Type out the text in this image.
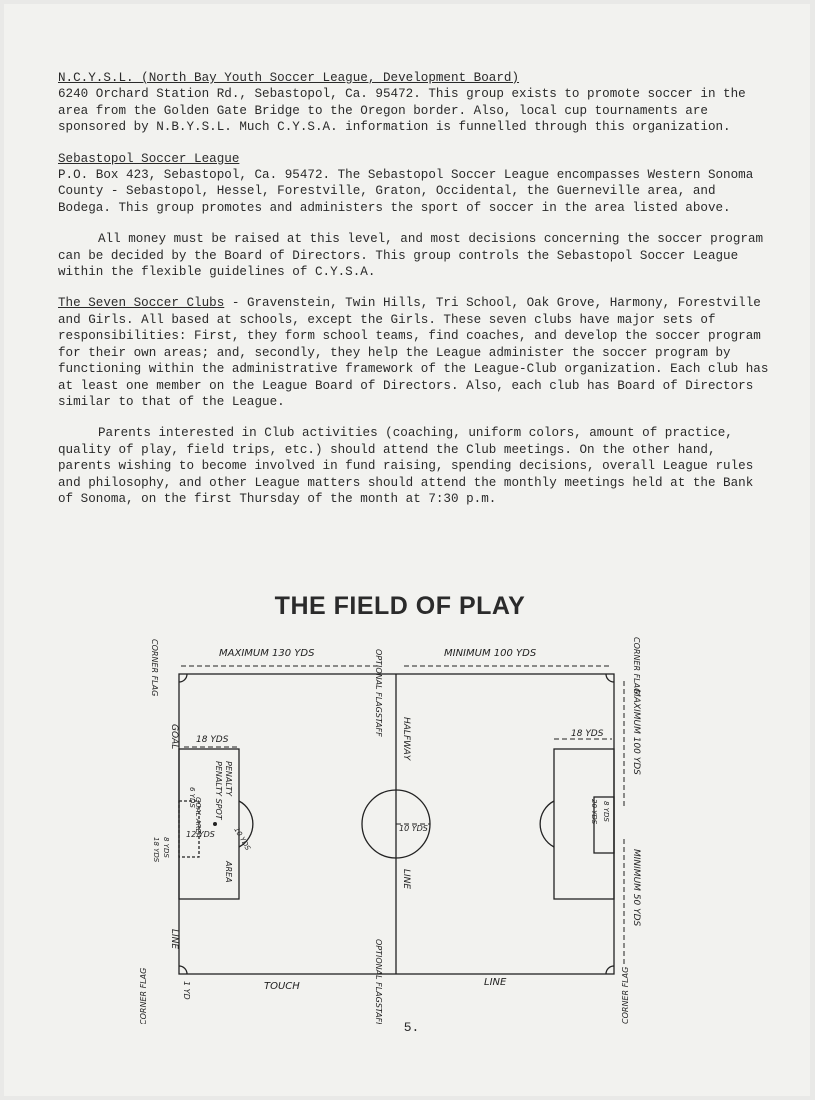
N.C.Y.S.L. (North Bay Youth Soccer League, Development Board)
6240 Orchard Station Rd., Sebastopol, Ca. 95472. This group exists to promote soccer in the area from the Golden Gate Bridge to the Oregon border. Also, local cup tournaments are sponsored by N.B.Y.S.L. Much C.Y.S.A. information is funnelled through this organization.

Sebastopol Soccer League
P.O. Box 423, Sebastopol, Ca. 95472. The Sebastopol Soccer League encompasses Western Sonoma County - Sebastopol, Hessel, Forestville, Graton, Occidental, the Guerneville area, and Bodega. This group promotes and administers the sport of soccer in the area listed above.

All money must be raised at this level, and most decisions concerning the soccer program can be decided by the Board of Directors. This group controls the Sebastopol Soccer League within the flexible guidelines of C.Y.S.A.

The Seven Soccer Clubs - Gravenstein, Twin Hills, Tri School, Oak Grove, Harmony, Forestville and Girls. All based at schools, except the Girls. These seven clubs have major sets of responsibilities: First, they form school teams, find coaches, and develop the soccer program for their own areas; and, secondly, they help the League administer the soccer program by functioning within the administrative framework of the League-Club organization. Each club has at least one member on the League Board of Directors. Also, each club has Board of Directors similar to that of the League.

Parents interested in Club activities (coaching, uniform colors, amount of practice, quality of play, field trips, etc.) should attend the Club meetings. On the other hand, parents wishing to become involved in fund raising, spending decisions, overall League rules and philosophy, and other League matters should attend the monthly meetings held at the Bank of Sonoma, on the first Thursday of the month at 7:30 p.m.

THE FIELD OF PLAY
MAXIMUM 130 YDS	MINIMUM 100 YDS
CORNER FLAG
CORNER FLAG
CORNER FLAG
CORNER FLAG
OPTIONAL FLAGSTAFF
OPTIONAL FLAGSTAFF
GOAL
LINE
HALFWAY
LINE
18 YDS
18 YDS
PENALTY
PENALTY SPOT
AREA
GOAL AREA
6 YDS
12 YDS 10 YDS	10 YDS
8 YDS
18 YDS
1 YD	TOUCH	LINE
MAXIMUM 100 YDS
MINIMUM 50 YDS
20 YDS 8 YDS
5.
